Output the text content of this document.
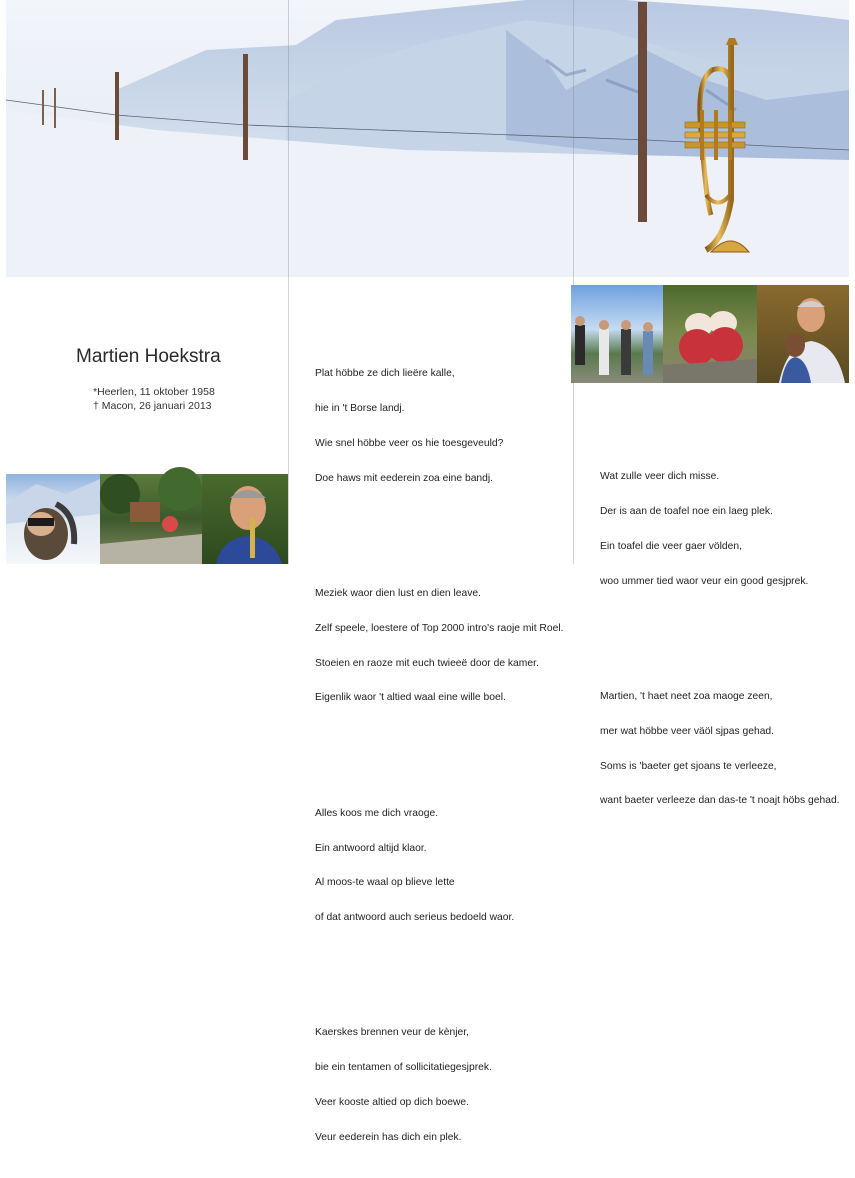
Martien Hoekstra
*Heerlen, 11 oktober 1958
† Macon, 26 januari 2013

Plat höbbe ze dich lieëre kalle,

hie in 't Borse landj.

Wie snel höbbe veer os hie toesgeveuld?

Doe haws mit eederein zoa eine bandj.

Meziek waor dien lust en dien leave.

Zelf speele, loestere of Top 2000 intro's raoje mit Roel.

Stoeien en raoze mit euch twieeë door de kamer.

Eigenlik waor 't altied waal eine wille boel.

Alles koos me dich vraoge.

Ein antwoord altijd klaor.

Al moos-te waal op blieve lette

of dat antwoord auch serieus bedoeld waor.

Kaerskes brennen veur de kènjer,

bie ein tentamen of sollicitatiegesjprek.

Veer kooste altied op dich boewe.

Veur eederein has dich ein plek.

Wat zulle veer dich misse.

Der is aan de toafel noe ein laeg plek.

Ein toafel die veer gaer völden,

woo ummer tied waor veur ein good gesjprek.

Martien, 't haet neet zoa maoge zeen,

mer wat höbbe veer väöl sjpas gehad.

Soms is 'baeter get sjoans te verleeze,

want baeter verleeze dan das-te 't noajt höbs gehad.
